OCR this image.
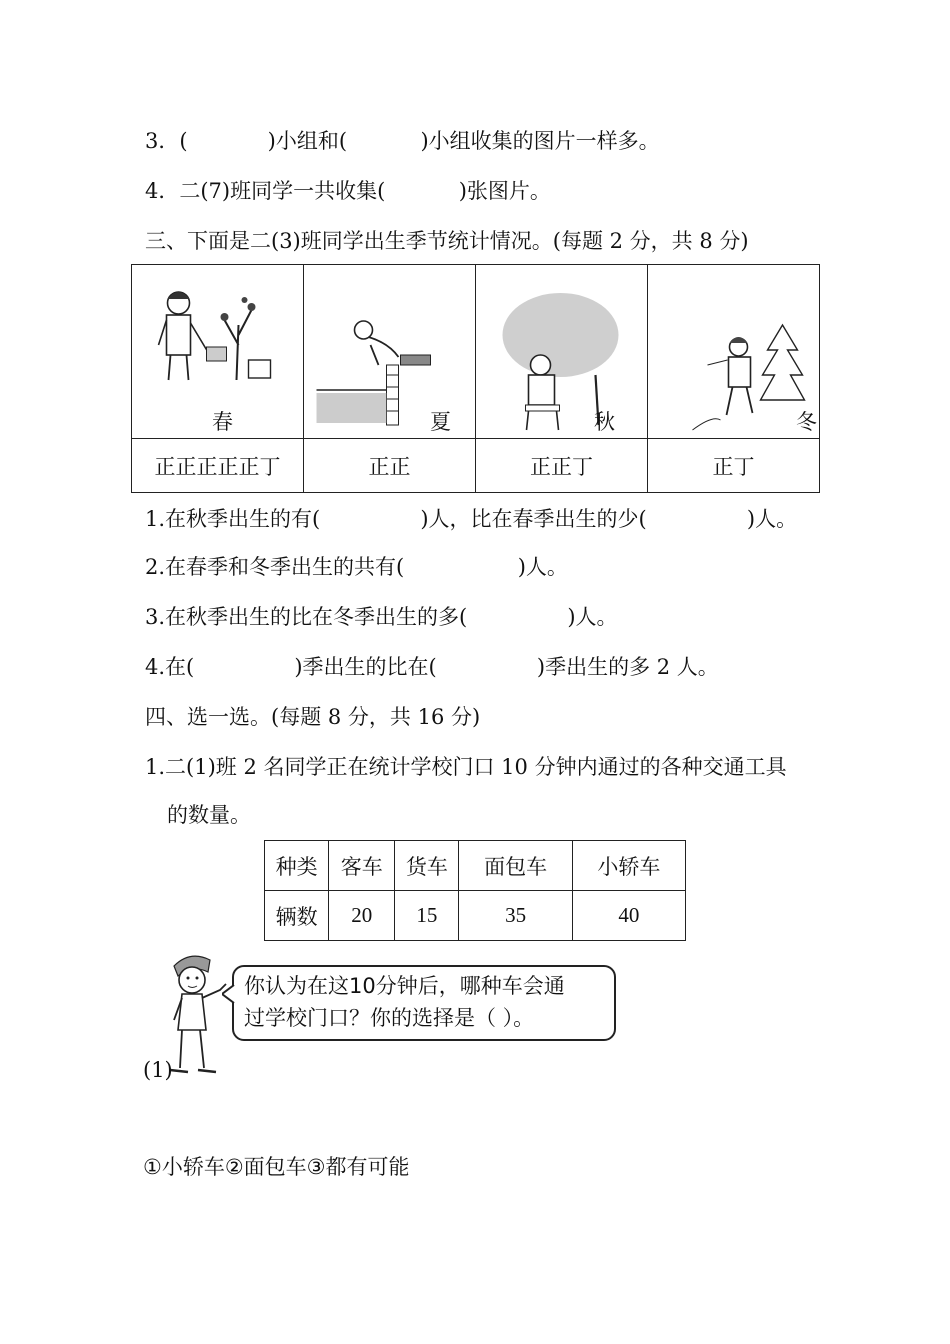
3．(            )小组和(           )小组收集的图片一样多。
4．二(7)班同学一共收集(           )张图片。
三、下面是二(3)班同学出生季节统计情况。(每题 2 分，共 8 分)
春	夏	秋	冬

正正正正正丁	正正	正正丁	正丁
1.在秋季出生的有(               )人，比在春季出生的少(               )人。
2.在春季和冬季出生的共有(                 )人。
3.在秋季出生的比在冬季出生的多(               )人。
4.在(               )季出生的比在(               )季出生的多 2 人。
四、选一选。(每题 8 分，共 16 分)
1.二(1)班 2 名同学正在统计学校门口 10 分钟内通过的各种交通工具
的数量。
种类	客车	货车	面包车	小轿车
辆数	20	15	35	40
你认为在这10分钟后，哪种车会通
过学校门口？你的选择是（ ）。
(1)
①小轿车②面包车③都有可能
